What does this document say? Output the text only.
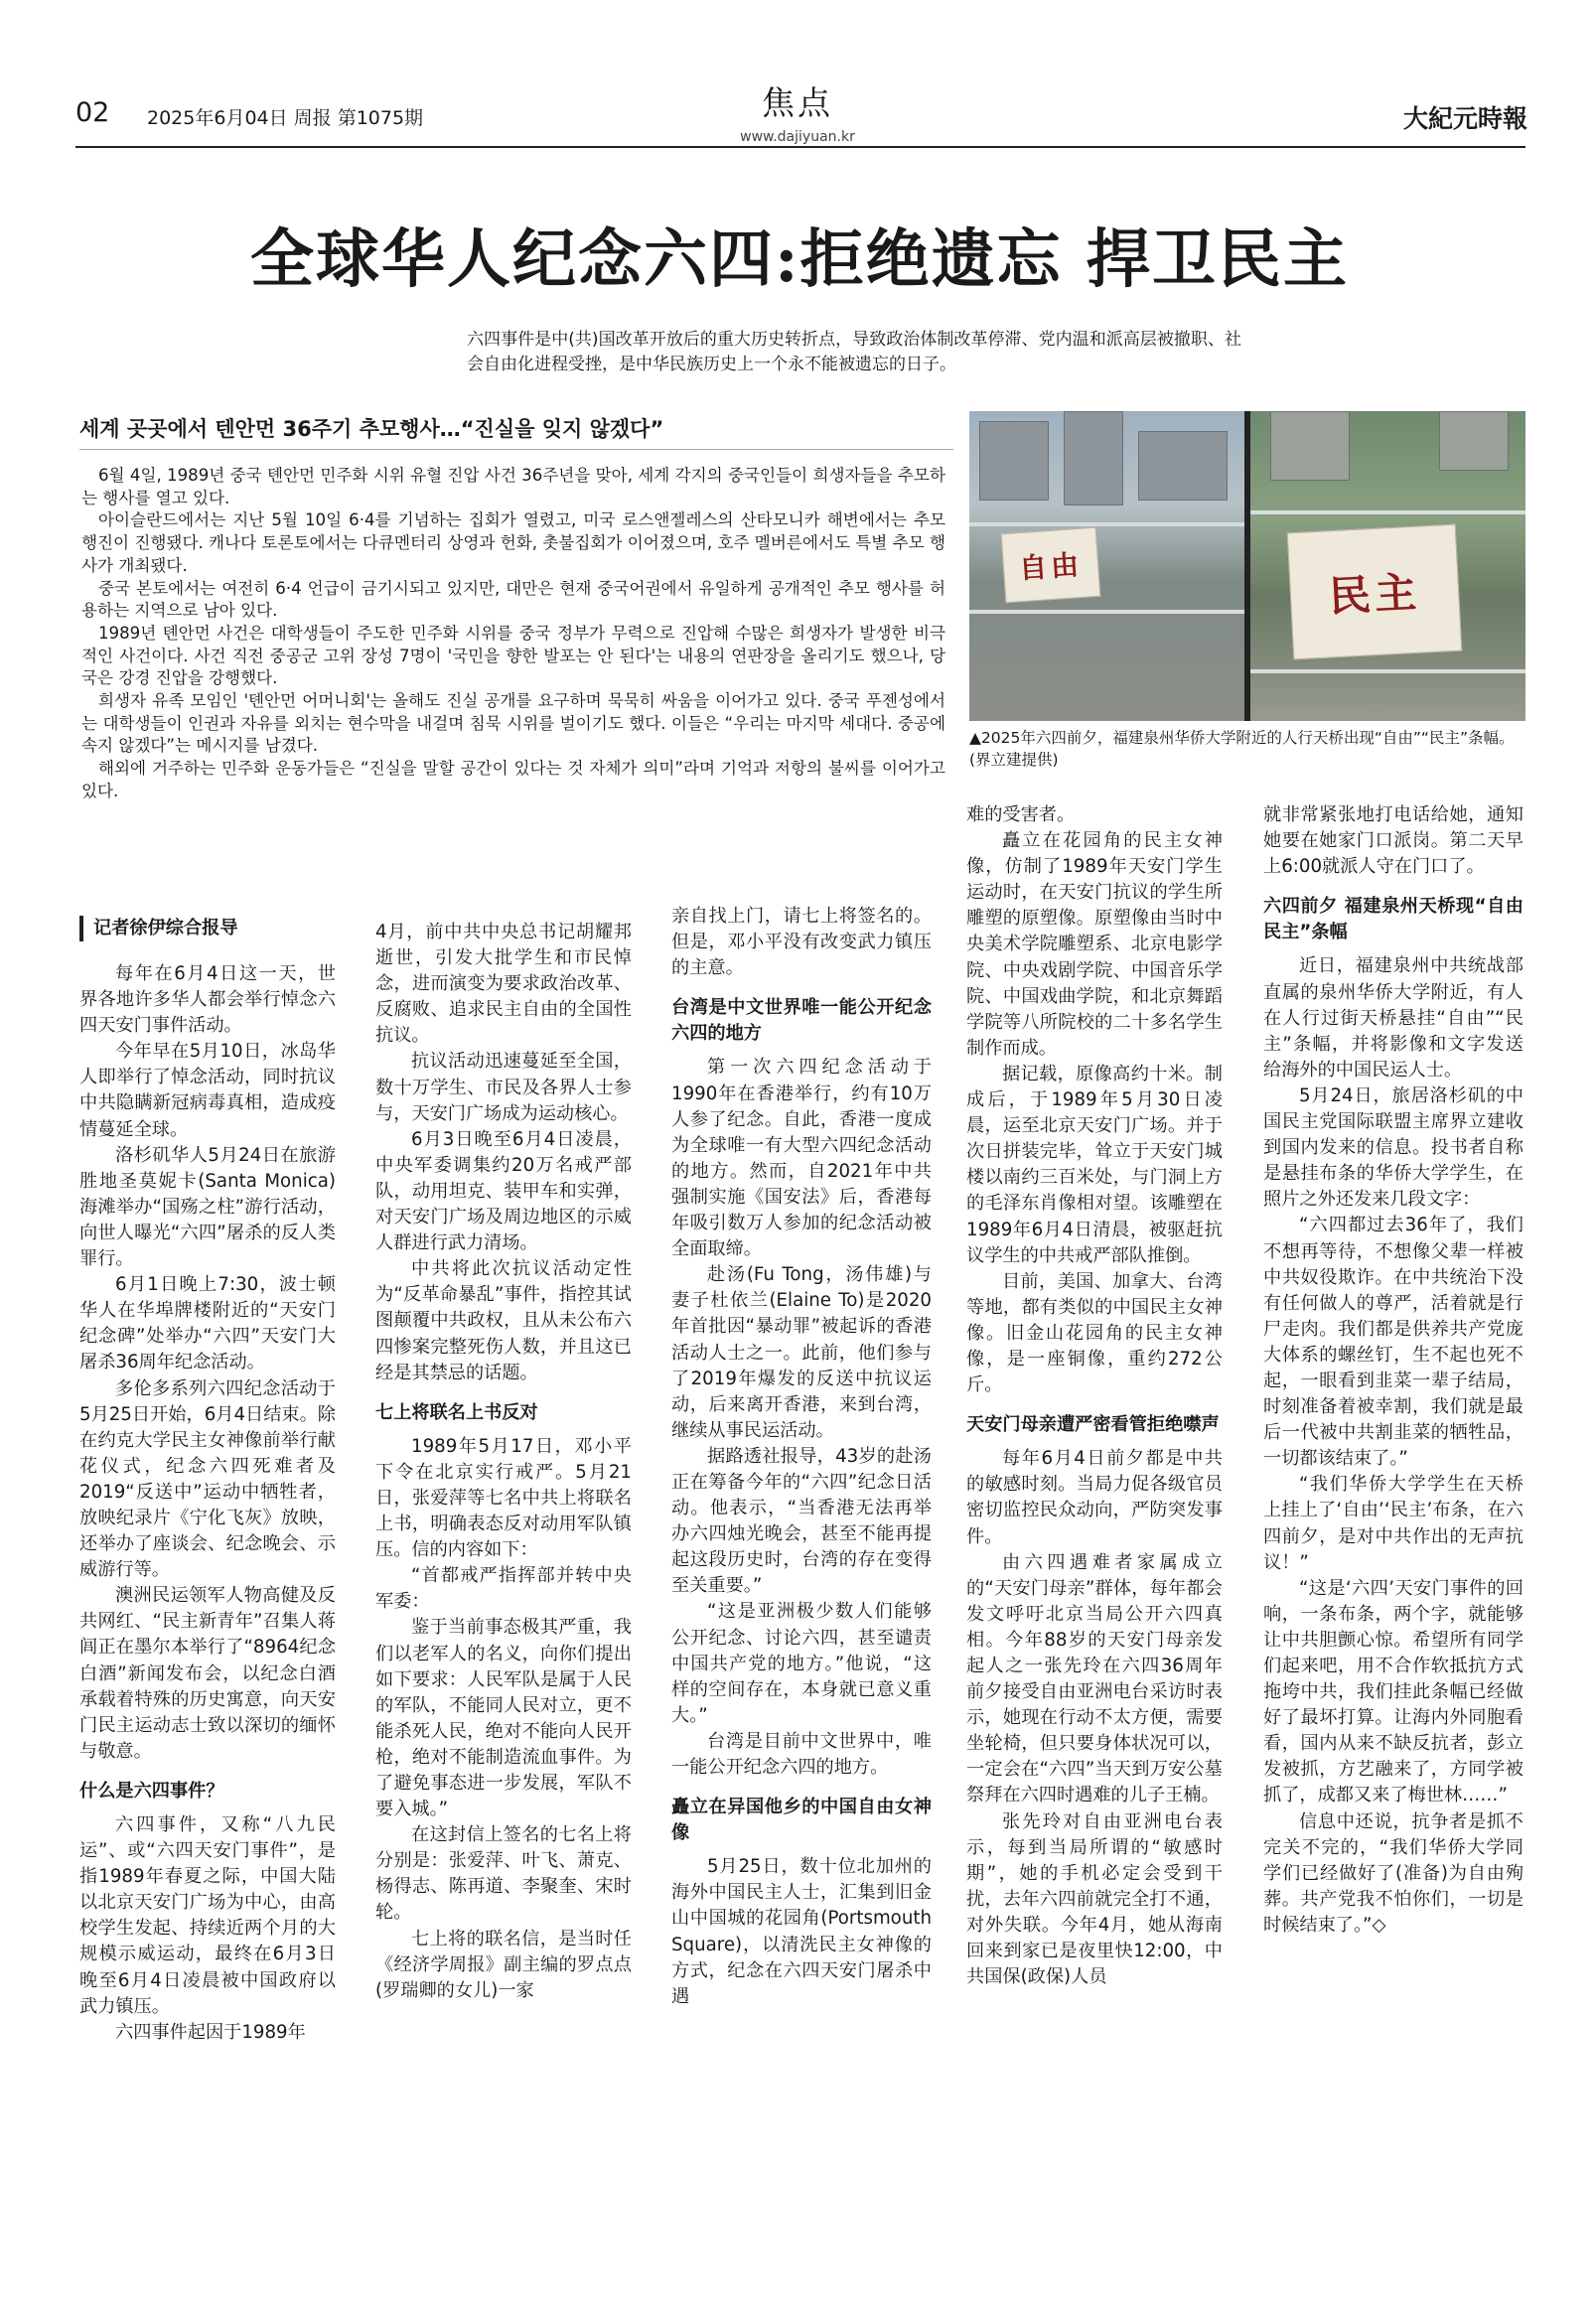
02 2025年6月04日 周报 第1075期	焦点
www.dajiyuan.kr
大紀元時報
全球华人纪念六四:拒绝遗忘 捍卫民主
六四事件是中(共)国改革开放后的重大历史转折点，导致政治体制改革停滞、党内温和派高层被撤职、社会自由化进程受挫，是中华民族历史上一个永不能被遗忘的日子。
세계 곳곳에서 텐안먼 36주기 추모행사…“진실을 잊지 않겠다”

6월 4일, 1989년 중국 톈안먼 민주화 시위 유혈 진압 사건 36주년을 맞아, 세계 각지의 중국인들이 희생자들을 추모하는 행사를 열고 있다.

아이슬란드에서는 지난 5월 10일 6·4를 기념하는 집회가 열렸고, 미국 로스앤젤레스의 산타모니카 해변에서는 추모 행진이 진행됐다. 캐나다 토론토에서는 다큐멘터리 상영과 헌화, 촛불집회가 이어졌으며, 호주 멜버른에서도 특별 추모 행사가 개최됐다.

중국 본토에서는 여전히 6·4 언급이 금기시되고 있지만, 대만은 현재 중국어권에서 유일하게 공개적인 추모 행사를 허용하는 지역으로 남아 있다.

1989년 톈안먼 사건은 대학생들이 주도한 민주화 시위를 중국 정부가 무력으로 진압해 수많은 희생자가 발생한 비극적인 사건이다. 사건 직전 중공군 고위 장성 7명이 '국민을 향한 발포는 안 된다'는 내용의 연판장을 올리기도 했으나, 당국은 강경 진압을 강행했다.

희생자 유족 모임인 '톈안먼 어머니회'는 올해도 진실 공개를 요구하며 묵묵히 싸움을 이어가고 있다. 중국 푸젠성에서는 대학생들이 인권과 자유를 외치는 현수막을 내걸며 침묵 시위를 벌이기도 했다. 이들은 “우리는 마지막 세대다. 중공에 속지 않겠다”는 메시지를 남겼다.

해외에 거주하는 민주화 운동가들은 “진실을 말할 공간이 있다는 것 자체가 의미”라며 기억과 저항의 불씨를 이어가고 있다.

自由
民主
▲2025年六四前夕，福建泉州华侨大学附近的人行天桥出现“自由”“民主”条幅。(界立建提供)
记者徐伊综合报导

每年在6月4日这一天，世界各地许多华人都会举行悼念六四天安门事件活动。

今年早在5月10日，冰岛华人即举行了悼念活动，同时抗议中共隐瞒新冠病毒真相，造成疫情蔓延全球。

洛杉矶华人5月24日在旅游胜地圣莫妮卡(Santa Monica)海滩举办“国殇之柱”游行活动，向世人曝光“六四”屠杀的反人类罪行。

6月1日晚上7:30，波士顿华人在华埠牌楼附近的“天安门纪念碑”处举办“六四”天安门大屠杀36周年纪念活动。

多伦多系列六四纪念活动于5月25日开始，6月4日结束。除在约克大学民主女神像前举行献花仪式，纪念六四死难者及2019“反送中”运动中牺牲者，放映纪录片《宁化飞灰》放映，还举办了座谈会、纪念晚会、示威游行等。

澳洲民运领军人物高健及反共网红、“民主新青年”召集人蒋闾正在墨尔本举行了“8964纪念白酒”新闻发布会，以纪念白酒承载着特殊的历史寓意，向天安门民主运动志士致以深切的缅怀与敬意。

什么是六四事件？

六四事件，又称“八九民运”、或“六四天安门事件”，是指1989年春夏之际，中国大陆以北京天安门广场为中心，由高校学生发起、持续近两个月的大规模示威运动，最终在6月3日晚至6月4日凌晨被中国政府以武力镇压。

六四事件起因于1989年

4月，前中共中央总书记胡耀邦逝世，引发大批学生和市民悼念，进而演变为要求政治改革、反腐败、追求民主自由的全国性抗议。

抗议活动迅速蔓延至全国，数十万学生、市民及各界人士参与，天安门广场成为运动核心。

6月3日晚至6月4日凌晨，中央军委调集约20万名戒严部队，动用坦克、装甲车和实弹，对天安门广场及周边地区的示威人群进行武力清场。

中共将此次抗议活动定性为“反革命暴乱”事件，指控其试图颠覆中共政权，且从未公布六四惨案完整死伤人数，并且这已经是其禁忌的话题。

七上将联名上书反对

1989年5月17日，邓小平下令在北京实行戒严。5月21日，张爱萍等七名中共上将联名上书，明确表态反对动用军队镇压。信的内容如下：

“首都戒严指挥部并转中央军委：

鉴于当前事态极其严重，我们以老军人的名义，向你们提出如下要求：人民军队是属于人民的军队，不能同人民对立，更不能杀死人民，绝对不能向人民开枪，绝对不能制造流血事件。为了避免事态进一步发展，军队不要入城。”

在这封信上签名的七名上将分别是：张爱萍、叶飞、萧克、杨得志、陈再道、李聚奎、宋时轮。

七上将的联名信，是当时任《经济学周报》副主编的罗点点(罗瑞卿的女儿)一家

亲自找上门，请七上将签名的。但是，邓小平没有改变武力镇压的主意。

台湾是中文世界唯一能公开纪念六四的地方

第一次六四纪念活动于1990年在香港举行，约有10万人参了纪念。自此，香港一度成为全球唯一有大型六四纪念活动的地方。然而，自2021年中共强制实施《国安法》后，香港每年吸引数万人参加的纪念活动被全面取缔。

赴汤(Fu Tong，汤伟雄)与妻子杜依兰(Elaine To)是2020年首批因“暴动罪”被起诉的香港活动人士之一。此前，他们参与了2019年爆发的反送中抗议运动，后来离开香港，来到台湾，继续从事民运活动。

据路透社报导，43岁的赴汤正在筹备今年的“六四”纪念日活动。他表示，“当香港无法再举办六四烛光晚会，甚至不能再提起这段历史时，台湾的存在变得至关重要。”

“这是亚洲极少数人们能够公开纪念、讨论六四，甚至谴责中国共产党的地方。”他说，“这样的空间存在，本身就已意义重大。”

台湾是目前中文世界中，唯一能公开纪念六四的地方。

矗立在异国他乡的中国自由女神像

5月25日，数十位北加州的海外中国民主人士，汇集到旧金山中国城的花园角(Portsmouth Square)，以清洗民主女神像的方式，纪念在六四天安门屠杀中遇

难的受害者。

矗立在花园角的民主女神像，仿制了1989年天安门学生运动时，在天安门抗议的学生所雕塑的原塑像。原塑像由当时中央美术学院雕塑系、北京电影学院、中央戏剧学院、中国音乐学院、中国戏曲学院，和北京舞蹈学院等八所院校的二十多名学生制作而成。

据记载，原像高约十米。制成后，于1989年5月30日凌晨，运至北京天安门广场。并于次日拼装完毕，耸立于天安门城楼以南约三百米处，与门洞上方的毛泽东肖像相对望。该雕塑在1989年6月4日清晨，被驱赶抗议学生的中共戒严部队推倒。

目前，美国、加拿大、台湾等地，都有类似的中国民主女神像。旧金山花园角的民主女神像，是一座铜像，重约272公斤。

天安门母亲遭严密看管拒绝噤声

每年6月4日前夕都是中共的敏感时刻。当局力促各级官员密切监控民众动向，严防突发事件。

由六四遇难者家属成立的“天安门母亲”群体，每年都会发文呼吁北京当局公开六四真相。今年88岁的天安门母亲发起人之一张先玲在六四36周年前夕接受自由亚洲电台采访时表示，她现在行动不太方便，需要坐轮椅，但只要身体状况可以，一定会在“六四”当天到万安公墓祭拜在六四时遇难的儿子王楠。

张先玲对自由亚洲电台表示，每到当局所谓的“敏感时期”，她的手机必定会受到干扰，去年六四前就完全打不通，对外失联。今年4月，她从海南回来到家已是夜里快12:00，中共国保(政保)人员

就非常紧张地打电话给她，通知她要在她家门口派岗。第二天早上6:00就派人守在门口了。

六四前夕 福建泉州天桥现“自由民主”条幅

近日，福建泉州中共统战部直属的泉州华侨大学附近，有人在人行过街天桥悬挂“自由”“民主”条幅，并将影像和文字发送给海外的中国民运人士。

5月24日，旅居洛杉矶的中国民主党国际联盟主席界立建收到国内发来的信息。投书者自称是悬挂布条的华侨大学学生，在照片之外还发来几段文字：

“六四都过去36年了，我们不想再等待，不想像父辈一样被中共奴役欺诈。在中共统治下没有任何做人的尊严，活着就是行尸走肉。我们都是供养共产党庞大体系的螺丝钉，生不起也死不起，一眼看到韭菜一辈子结局，时刻准备着被幸割，我们就是最后一代被中共割韭菜的牺牲品，一切都该结束了。”

“我们华侨大学学生在天桥上挂上了‘自由’‘民主’布条，在六四前夕，是对中共作出的无声抗议！”

“这是‘六四’天安门事件的回响，一条布条，两个字，就能够让中共胆颤心惊。希望所有同学们起来吧，用不合作软抵抗方式拖垮中共，我们挂此条幅已经做好了最坏打算。让海内外同胞看看，国内从来不缺反抗者，彭立发被抓，方艺融来了，方同学被抓了，成都又来了梅世林……”

信息中还说，抗争者是抓不完关不完的，“我们华侨大学同学们已经做好了(准备)为自由殉葬。共产党我不怕你们，一切是时候结束了。”◇
